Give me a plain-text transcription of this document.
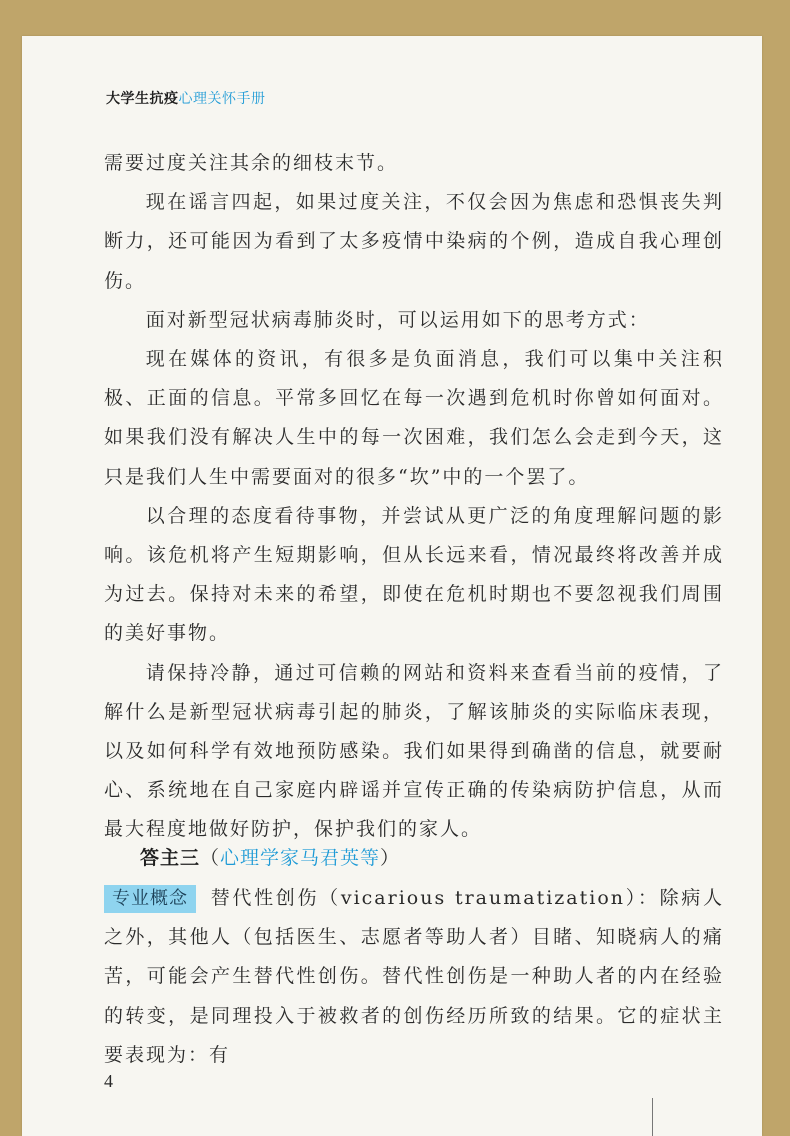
大学生抗疫心理关怀手册

需要过度关注其余的细枝末节。

现在谣言四起，如果过度关注，不仅会因为焦虑和恐惧丧失判断力，还可能因为看到了太多疫情中染病的个例，造成自我心理创伤。

面对新型冠状病毒肺炎时，可以运用如下的思考方式：

现在媒体的资讯，有很多是负面消息，我们可以集中关注积极、正面的信息。平常多回忆在每一次遇到危机时你曾如何面对。如果我们没有解决人生中的每一次困难，我们怎么会走到今天，这只是我们人生中需要面对的很多“坎”中的一个罢了。

以合理的态度看待事物，并尝试从更广泛的角度理解问题的影响。该危机将产生短期影响，但从长远来看，情况最终将改善并成为过去。保持对未来的希望，即使在危机时期也不要忽视我们周围的美好事物。

请保持冷静，通过可信赖的网站和资料来查看当前的疫情，了解什么是新型冠状病毒引起的肺炎，了解该肺炎的实际临床表现，以及如何科学有效地预防感染。我们如果得到确凿的信息，就要耐心、系统地在自己家庭内辟谣并宣传正确的传染病防护信息，从而最大程度地做好防护，保护我们的家人。

答主三（心理学家马君英等）

专业概念 替代性创伤（vicarious traumatization）：除病人之外，其他人（包括医生、志愿者等助人者）目睹、知晓病人的痛苦，可能会产生替代性创伤。替代性创伤是一种助人者的内在经验的转变，是同理投入于被救者的创伤经历所致的结果。它的症状主要表现为：有

4
